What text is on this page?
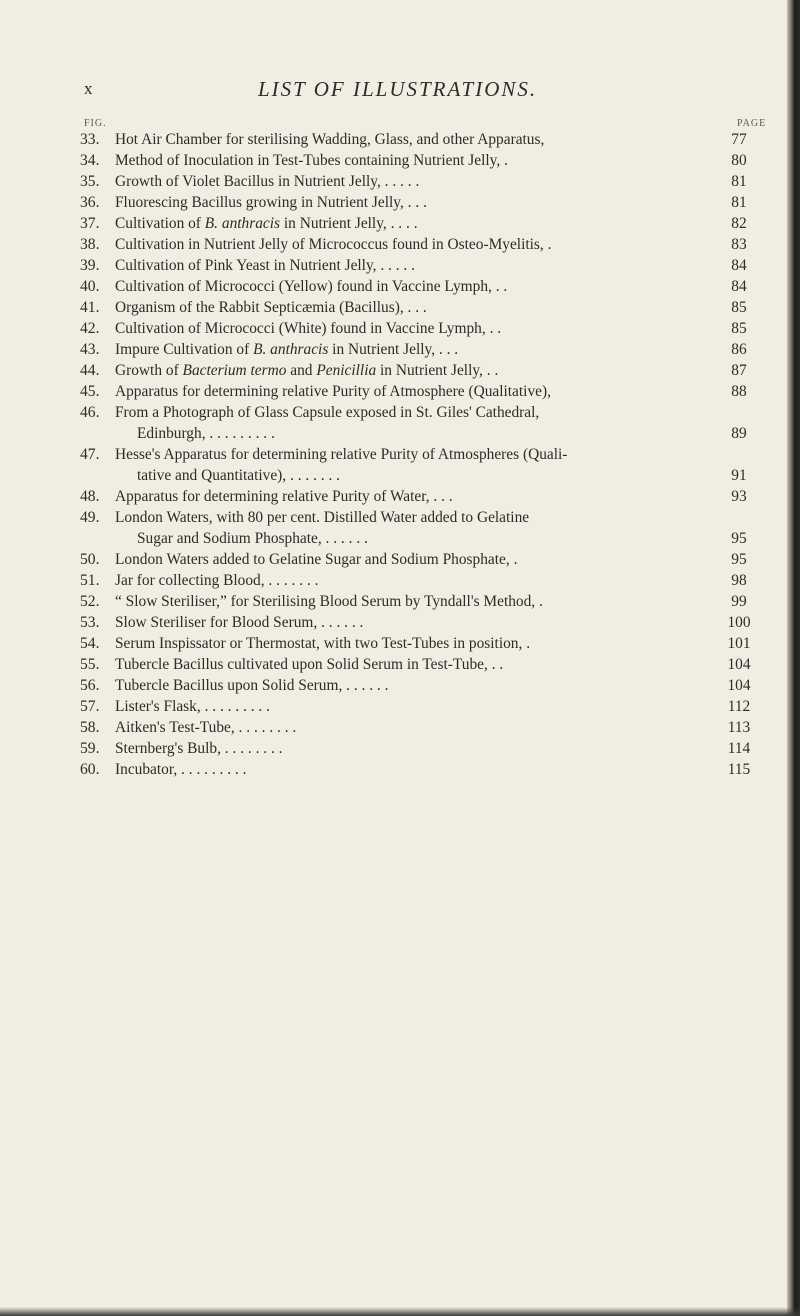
x	LIST OF ILLUSTRATIONS.
FIG.	PAGE
33.	Hot Air Chamber for sterilising Wadding, Glass, and other Apparatus,	77
34.	Method of Inoculation in Test-Tubes containing Nutrient Jelly, .	80
35.	Growth of Violet Bacillus in Nutrient Jelly, . . . . .	81
36.	Fluorescing Bacillus growing in Nutrient Jelly, . . .	81
37.	Cultivation of B. anthracis in Nutrient Jelly, . . . .	82
38.	Cultivation in Nutrient Jelly of Micrococcus found in Osteo-Myelitis, .	83
39.	Cultivation of Pink Yeast in Nutrient Jelly, . . . . .	84
40.	Cultivation of Micrococci (Yellow) found in Vaccine Lymph, . .	84
41.	Organism of the Rabbit Septicæmia (Bacillus), . . .	85
42.	Cultivation of Micrococci (White) found in Vaccine Lymph, . .	85
43.	Impure Cultivation of B. anthracis in Nutrient Jelly, . . .	86
44.	Growth of Bacterium termo and Penicillia in Nutrient Jelly, . .	87
45.	Apparatus for determining relative Purity of Atmosphere (Qualitative),	88
46.	From a Photograph of Glass Capsule exposed in St. Giles' Cathedral,
Edinburgh, . . . . . . . . .	89
47.	Hesse's Apparatus for determining relative Purity of Atmospheres (Quali-
tative and Quantitative), . . . . . . .	91
48.	Apparatus for determining relative Purity of Water, . . .	93
49.	London Waters, with 80 per cent. Distilled Water added to Gelatine
Sugar and Sodium Phosphate, . . . . . .	95
50.	London Waters added to Gelatine Sugar and Sodium Phosphate, .	95
51.	Jar for collecting Blood, . . . . . . .	98
52.	“ Slow Steriliser,” for Sterilising Blood Serum by Tyndall's Method, .	99
53.	Slow Steriliser for Blood Serum, . . . . . .	100
54.	Serum Inspissator or Thermostat, with two Test-Tubes in position, .	101
55.	Tubercle Bacillus cultivated upon Solid Serum in Test-Tube, . .	104
56.	Tubercle Bacillus upon Solid Serum, . . . . . .	104
57.	Lister's Flask, . . . . . . . . .	112
58.	Aitken's Test-Tube, . . . . . . . .	113
59.	Sternberg's Bulb, . . . . . . . .	114
60.	Incubator, . . . . . . . . .	115
